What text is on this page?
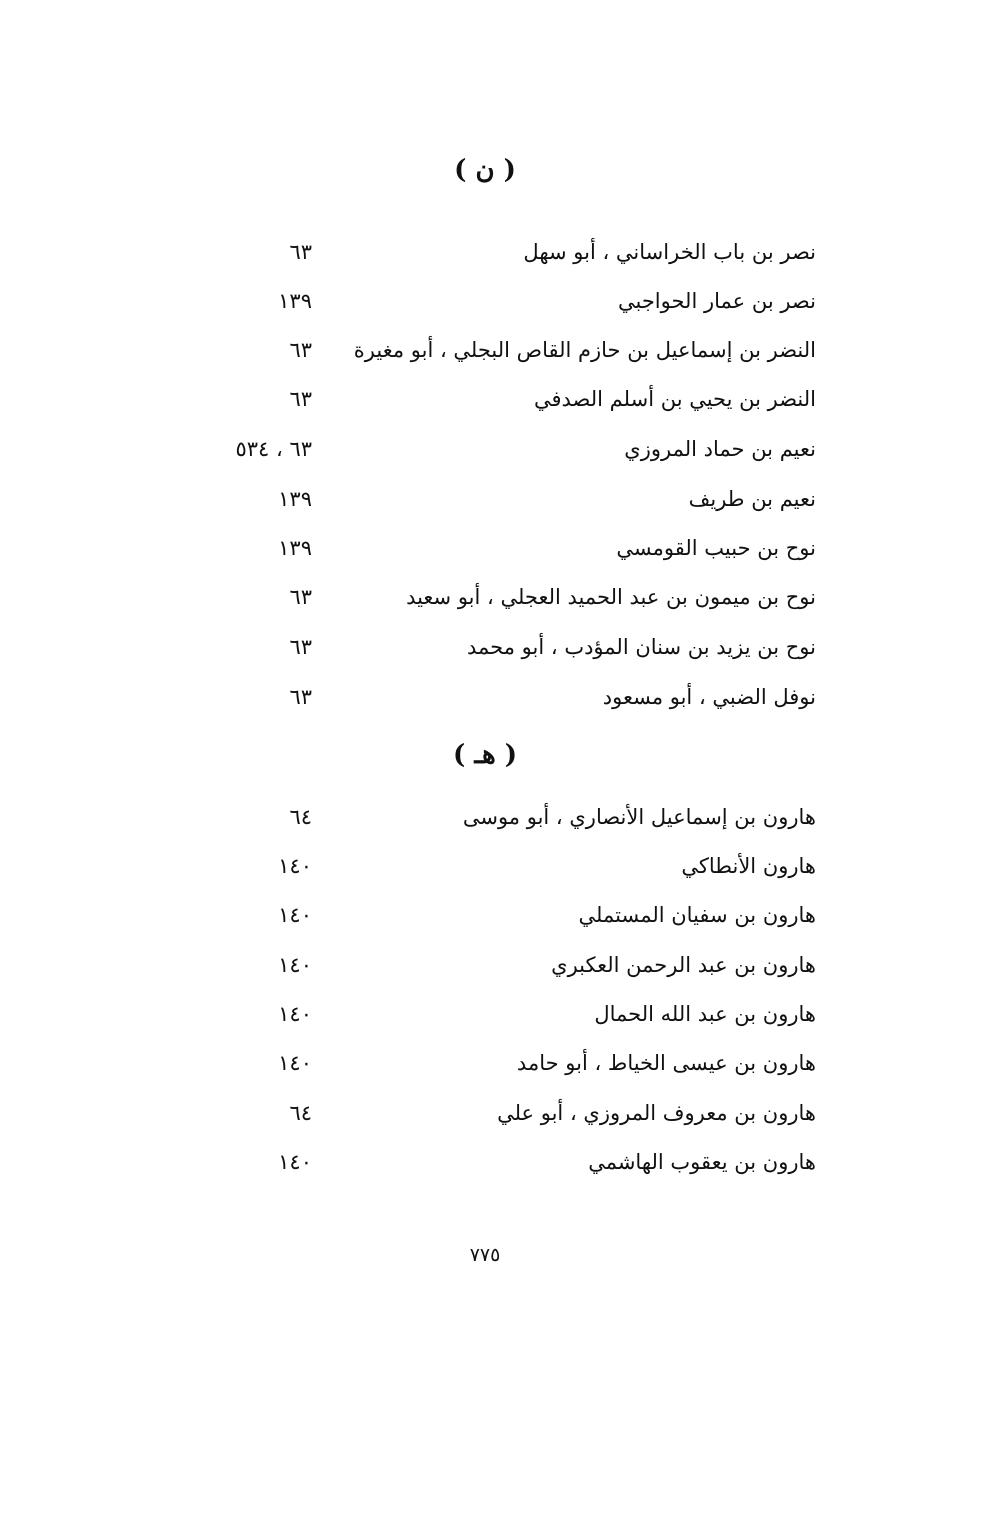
( ن )
نصر بن باب الخراساني ، أبو سهل
٦٣
نصر بن عمار الحواجبي
١٣٩
النضر بن إسماعيل بن حازم القاص البجلي ، أبو مغيرة
٦٣
النضر بن يحيي بن أسلم الصدفي
٦٣
نعيم بن حماد المروزي
٦٣ ، ٥٣٤
نعيم بن طريف
١٣٩
نوح بن حبيب القومسي
١٣٩
نوح بن ميمون بن عبد الحميد العجلي ، أبو سعيد
٦٣
نوح بن يزيد بن سنان المؤدب ، أبو محمد
٦٣
نوفل الضبي ، أبو مسعود
٦٣
( هـ )
هارون بن إسماعيل الأنصاري ، أبو موسى
٦٤
هارون الأنطاكي
١٤٠
هارون بن سفيان المستملي
١٤٠
هارون بن عبد الرحمن العكبري
١٤٠
هارون بن عبد الله الحمال
١٤٠
هارون بن عيسى الخياط ، أبو حامد
١٤٠
هارون بن معروف المروزي ، أبو علي
٦٤
هارون بن يعقوب الهاشمي
١٤٠
٧٧٥
